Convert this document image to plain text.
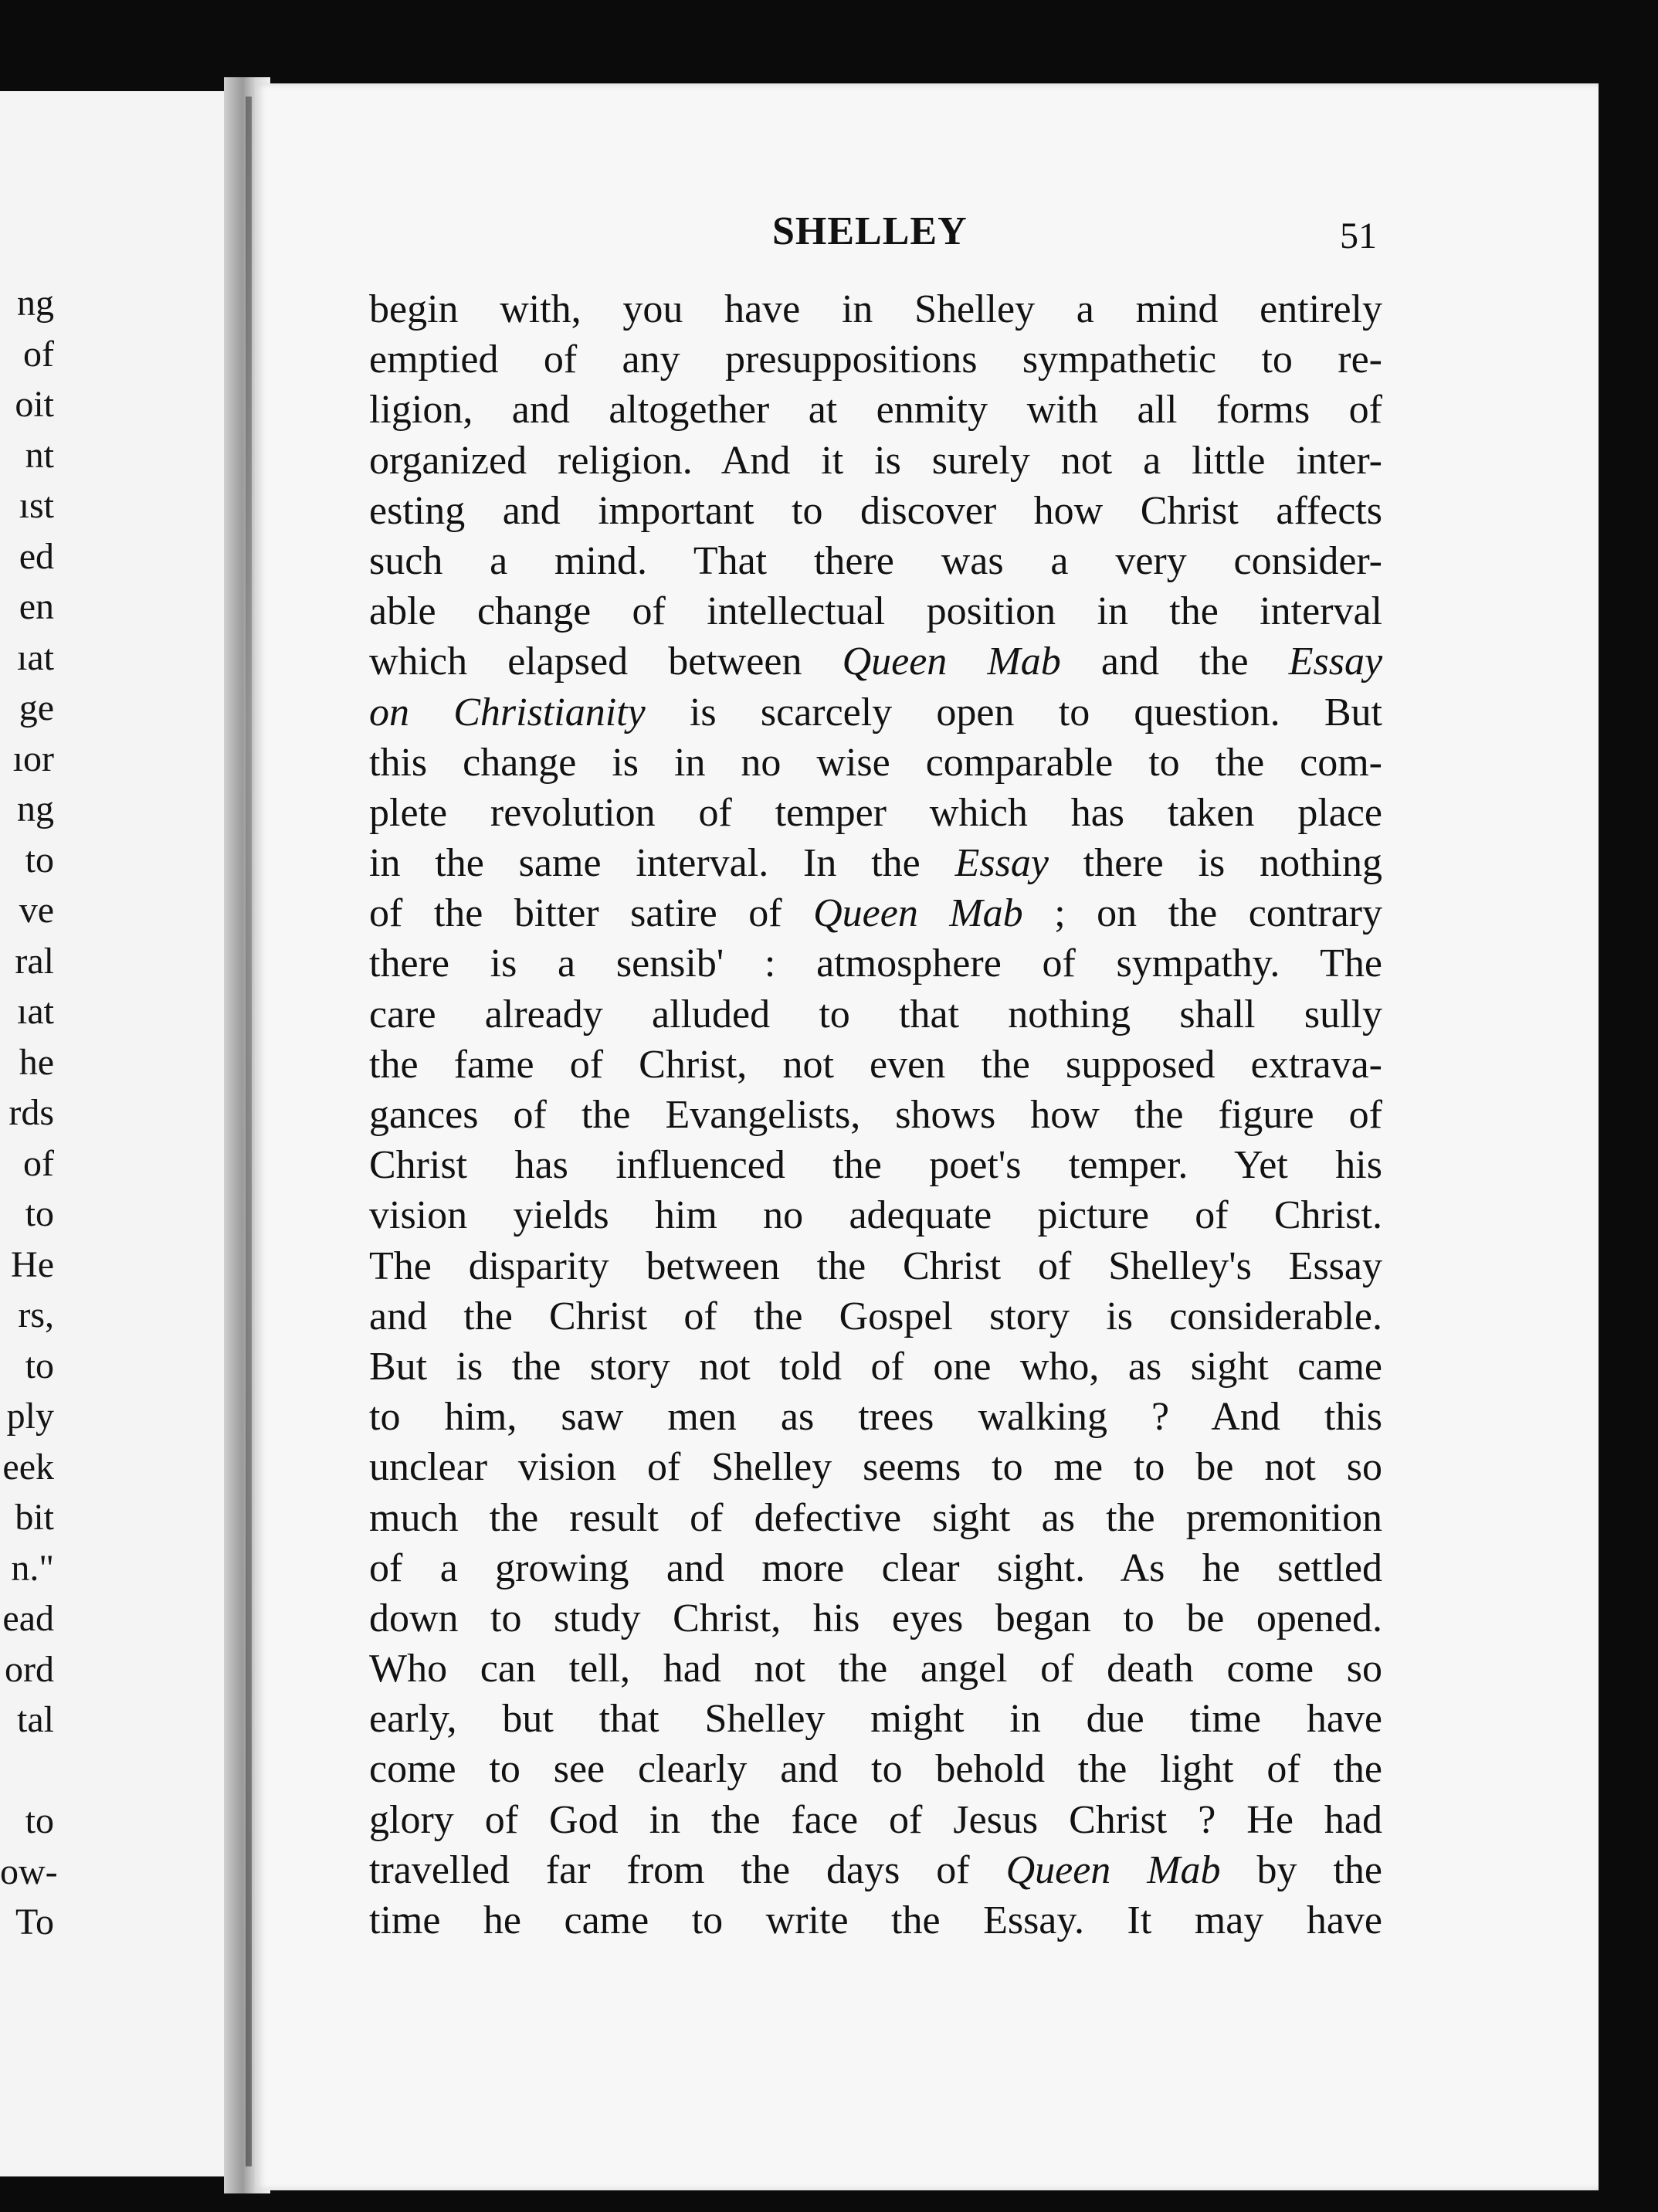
ng
of
oit
nt
ıst
ed
en
ıat
ge
ıor
ng
to
ve
ral
ıat
he
rds
of
to
He
rs,
to
ply
eek
bit
n."
ead
ord
tal
to
ow-
To
SHELLEY	51
begin with, you have in Shelley a mind entirely
emptied of any presuppositions sympathetic to re-
ligion, and altogether at enmity with all forms of
organized religion. And it is surely not a little inter-
esting and important to discover how Christ affects
such a mind. That there was a very consider-
able change of intellectual position in the interval
which elapsed between Queen Mab and the Essay
on Christianity is scarcely open to question. But
this change is in no wise comparable to the com-
plete revolution of temper which has taken place
in the same interval. In the Essay there is nothing
of the bitter satire of Queen Mab ; on the contrary
there is a sensib' : atmosphere of sympathy. The
care already alluded to that nothing shall sully
the fame of Christ, not even the supposed extrava-
gances of the Evangelists, shows how the figure of
Christ has influenced the poet's temper. Yet his
vision yields him no adequate picture of Christ.
The disparity between the Christ of Shelley's Essay
and the Christ of the Gospel story is considerable.
But is the story not told of one who, as sight came
to him, saw men as trees walking ? And this
unclear vision of Shelley seems to me to be not so
much the result of defective sight as the premonition
of a growing and more clear sight. As he settled
down to study Christ, his eyes began to be opened.
Who can tell, had not the angel of death come so
early, but that Shelley might in due time have
come to see clearly and to behold the light of the
glory of God in the face of Jesus Christ ? He had
travelled far from the days of Queen Mab by the
time he came to write the Essay. It may have
